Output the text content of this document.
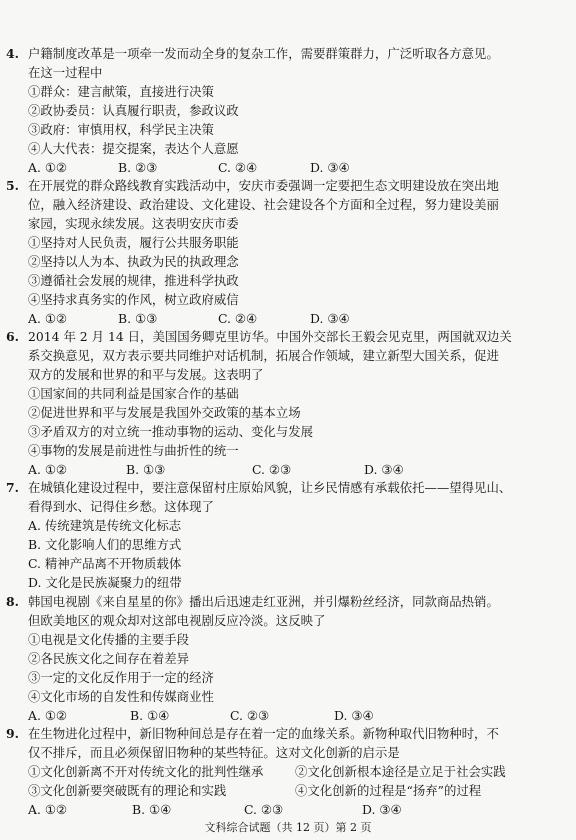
4. 户籍制度改革是一项牵一发而动全身的复杂工作，需要群策群力，广泛听取各方意见。
在这一过程中
①群众：建言献策，直接进行决策
②政协委员：认真履行职责，参政议政
③政府：审慎用权，科学民主决策
④人大代表：提交提案，表达个人意愿
A. ①②	B. ②③	C. ②④	D. ③④
5. 在开展党的群众路线教育实践活动中，安庆市委强调一定要把生态文明建设放在突出地
位，融入经济建设、政治建设、文化建设、社会建设各个方面和全过程，努力建设美丽
家园，实现永续发展。这表明安庆市委
①坚持对人民负责，履行公共服务职能
②坚持以人为本、执政为民的执政理念
③遵循社会发展的规律，推进科学执政
④坚持求真务实的作风，树立政府威信
A. ①②	B. ①③	C. ②④	D. ③④
6. 2014 年 2 月 14 日，美国国务卿克里访华。中国外交部长王毅会见克里，两国就双边关
系交换意见，双方表示要共同维护对话机制，拓展合作领域，建立新型大国关系，促进
双方的发展和世界的和平与发展。这表明了
①国家间的共同利益是国家合作的基础
②促进世界和平与发展是我国外交政策的基本立场
③矛盾双方的对立统一推动事物的运动、变化与发展
④事物的发展是前进性与曲折性的统一
A. ①②	B. ①③	C. ②③	D. ③④
7. 在城镇化建设过程中，要注意保留村庄原始风貌，让乡民情感有承载依托——望得见山、
看得到水、记得住乡愁。这体现了
A. 传统建筑是传统文化标志
B. 文化影响人们的思维方式
C. 精神产品离不开物质载体
D. 文化是民族凝聚力的纽带
8. 韩国电视剧《来自星星的你》播出后迅速走红亚洲，并引爆粉丝经济，同款商品热销。
但欧美地区的观众却对这部电视剧反应冷淡。这反映了
①电视是文化传播的主要手段
②各民族文化之间存在着差异
③一定的文化反作用于一定的经济
④文化市场的自发性和传媒商业性
A. ①②	B. ①④	C. ②③	D. ③④
9. 在生物进化过程中，新旧物种间总是存在着一定的血缘关系。新物种取代旧物种时，不
仅不排斥，而且必须保留旧物种的某些特征。这对文化创新的启示是
①文化创新离不开对传统文化的批判性继承	②文化创新根本途径是立足于社会实践
③文化创新要突破既有的理论和实践	④文化创新的过程是“扬弃”的过程
A. ①②	B. ①④	C. ②③	D. ③④
文科综合试题（共 12 页）第 2 页
